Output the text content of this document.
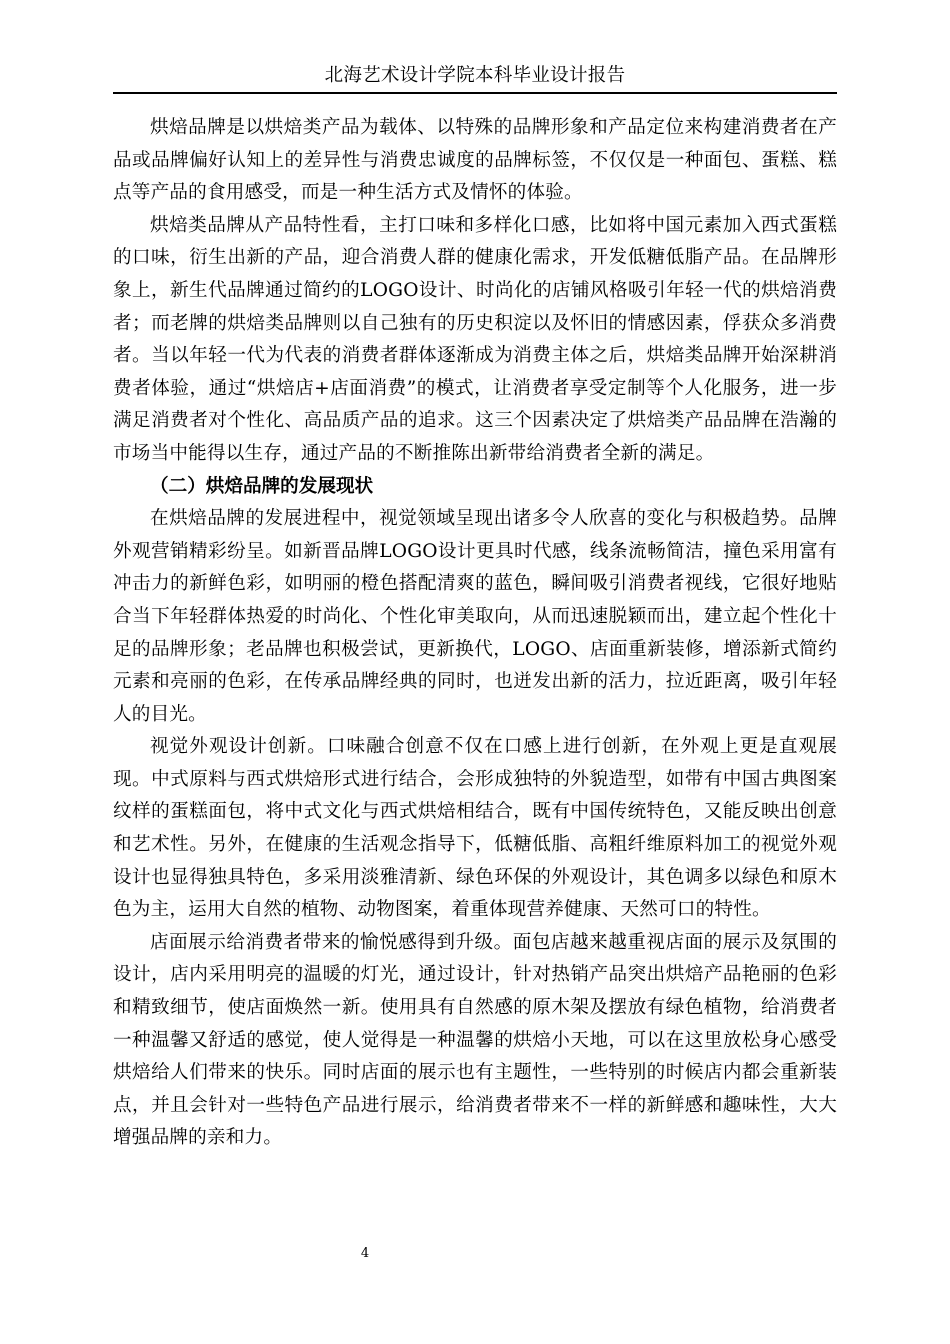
北海艺术设计学院本科毕业设计报告

烘焙品牌是以烘焙类产品为载体、以特殊的品牌形象和产品定位来构建消费者在产品或品牌偏好认知上的差异性与消费忠诚度的品牌标签，不仅仅是一种面包、蛋糕、糕点等产品的食用感受，而是一种生活方式及情怀的体验。

烘焙类品牌从产品特性看，主打口味和多样化口感，比如将中国元素加入西式蛋糕的口味，衍生出新的产品，迎合消费人群的健康化需求，开发低糖低脂产品。在品牌形象上，新生代品牌通过简约的LOGO设计、时尚化的店铺风格吸引年轻一代的烘焙消费者；而老牌的烘焙类品牌则以自己独有的历史积淀以及怀旧的情感因素，俘获众多消费者。当以年轻一代为代表的消费者群体逐渐成为消费主体之后，烘焙类品牌开始深耕消费者体验，通过“烘焙店+店面消费”的模式，让消费者享受定制等个人化服务，进一步满足消费者对个性化、高品质产品的追求。这三个因素决定了烘焙类产品品牌在浩瀚的市场当中能得以生存，通过产品的不断推陈出新带给消费者全新的满足。

（二）烘焙品牌的发展现状

在烘焙品牌的发展进程中，视觉领域呈现出诸多令人欣喜的变化与积极趋势。品牌外观营销精彩纷呈。如新晋品牌LOGO设计更具时代感，线条流畅简洁，撞色采用富有冲击力的新鲜色彩，如明丽的橙色搭配清爽的蓝色，瞬间吸引消费者视线，它很好地贴合当下年轻群体热爱的时尚化、个性化审美取向，从而迅速脱颖而出，建立起个性化十足的品牌形象；老品牌也积极尝试，更新换代，LOGO、店面重新装修，增添新式简约元素和亮丽的色彩，在传承品牌经典的同时，也迸发出新的活力，拉近距离，吸引年轻人的目光。

视觉外观设计创新。口味融合创意不仅在口感上进行创新，在外观上更是直观展现。中式原料与西式烘焙形式进行结合，会形成独特的外貌造型，如带有中国古典图案纹样的蛋糕面包，将中式文化与西式烘焙相结合，既有中国传统特色，又能反映出创意和艺术性。另外，在健康的生活观念指导下，低糖低脂、高粗纤维原料加工的视觉外观设计也显得独具特色，多采用淡雅清新、绿色环保的外观设计，其色调多以绿色和原木色为主，运用大自然的植物、动物图案，着重体现营养健康、天然可口的特性。

店面展示给消费者带来的愉悦感得到升级。面包店越来越重视店面的展示及氛围的设计，店内采用明亮的温暖的灯光，通过设计，针对热销产品突出烘焙产品艳丽的色彩和精致细节，使店面焕然一新。使用具有自然感的原木架及摆放有绿色植物，给消费者一种温馨又舒适的感觉，使人觉得是一种温馨的烘焙小天地，可以在这里放松身心感受烘焙给人们带来的快乐。同时店面的展示也有主题性，一些特别的时候店内都会重新装点，并且会针对一些特色产品进行展示，给消费者带来不一样的新鲜感和趣味性，大大增强品牌的亲和力。

4
